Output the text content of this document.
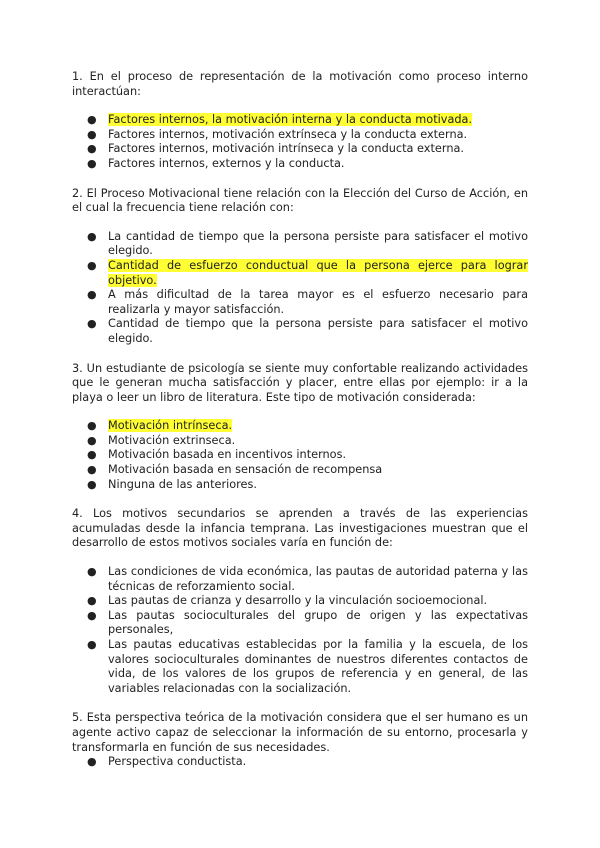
1. En el proceso de representación de la motivación como proceso interno interactúan:

● Factores internos, la motivación interna y la conducta motivada.
● Factores internos, motivación extrínseca y la conducta externa.
● Factores internos, motivación intrínseca y la conducta externa.
● Factores internos, externos y la conducta.

2. El Proceso Motivacional tiene relación con la Elección del Curso de Acción, en el cual la frecuencia tiene relación con:

● La cantidad de tiempo que la persona persiste para satisfacer el motivo elegido.
● Cantidad de esfuerzo conductual que la persona ejerce para lograr objetivo.
● A más dificultad de la tarea mayor es el esfuerzo necesario para realizarla y mayor satisfacción.
● Cantidad de tiempo que la persona persiste para satisfacer el motivo elegido.

3. Un estudiante de psicología se siente muy confortable realizando actividades que le generan mucha satisfacción y placer, entre ellas por ejemplo: ir a la playa o leer un libro de literatura. Este tipo de motivación considerada:

● Motivación intrínseca.
● Motivación extrinseca.
● Motivación basada en incentivos internos.
● Motivación basada en sensación de recompensa
● Ninguna de las anteriores.

4. Los motivos secundarios se aprenden a través de las experiencias acumuladas desde la infancia temprana. Las investigaciones muestran que el desarrollo de estos motivos sociales varía en función de:

● Las condiciones de vida económica, las pautas de autoridad paterna y las técnicas de reforzamiento social.
● Las pautas de crianza y desarrollo y la vinculación socioemocional.
● Las pautas socioculturales del grupo de origen y las expectativas personales,
● Las pautas educativas establecidas por la familia y la escuela, de los valores socioculturales dominantes de nuestros diferentes contactos de vida, de los valores de los grupos de referencia y en general, de las variables relacionadas con la socialización.

5. Esta perspectiva teórica de la motivación considera que el ser humano es un agente activo capaz de seleccionar la información de su entorno, procesarla y transformarla en función de sus necesidades.

● Perspectiva conductista.
